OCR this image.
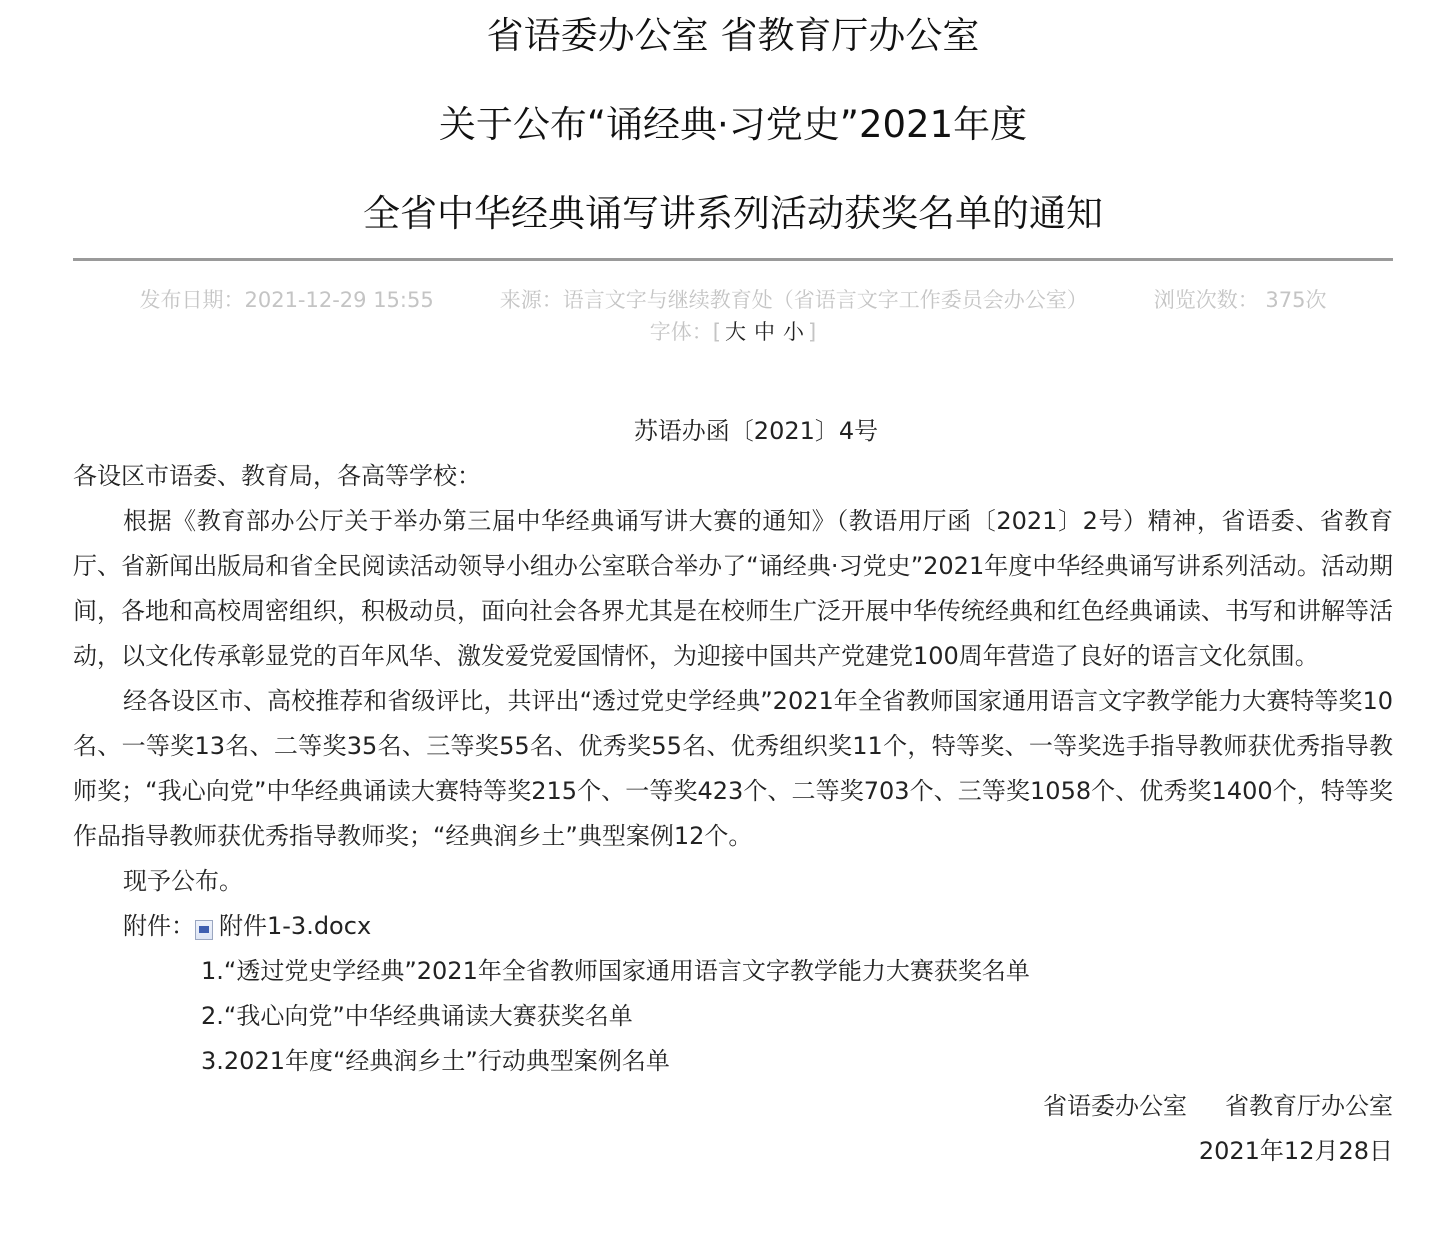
省语委办公室 省教育厅办公室
关于公布“诵经典·习党史”2021年度
全省中华经典诵写讲系列活动获奖名单的通知
发布日期：2021-12-29 15:55	来源：语言文字与继续教育处（省语言文字工作委员会办公室）	浏览次数： 375次
字体：[ 大 中 小 ]

苏语办函〔2021〕4号

各设区市语委、教育局，各高等学校：

根据《教育部办公厅关于举办第三届中华经典诵写讲大赛的通知》（教语用厅函〔2021〕2号）精神，省语委、省教育厅、省新闻出版局和省全民阅读活动领导小组办公室联合举办了“诵经典·习党史”2021年度中华经典诵写讲系列活动。活动期间，各地和高校周密组织，积极动员，面向社会各界尤其是在校师生广泛开展中华传统经典和红色经典诵读、书写和讲解等活动，以文化传承彰显党的百年风华、激发爱党爱国情怀，为迎接中国共产党建党100周年营造了良好的语言文化氛围。

经各设区市、高校推荐和省级评比，共评出“透过党史学经典”2021年全省教师国家通用语言文字教学能力大赛特等奖10名、一等奖13名、二等奖35名、三等奖55名、优秀奖55名、优秀组织奖11个，特等奖、一等奖选手指导教师获优秀指导教师奖；“我心向党”中华经典诵读大赛特等奖215个、一等奖423个、二等奖703个、三等奖1058个、优秀奖1400个，特等奖作品指导教师获优秀指导教师奖；“经典润乡土”典型案例12个。

现予公布。

附件： 附件1-3.docx

1.“透过党史学经典”2021年全省教师国家通用语言文字教学能力大赛获奖名单

2.“我心向党”中华经典诵读大赛获奖名单

3.2021年度“经典润乡土”行动典型案例名单

省语委办公室 省教育厅办公室

2021年12月28日
